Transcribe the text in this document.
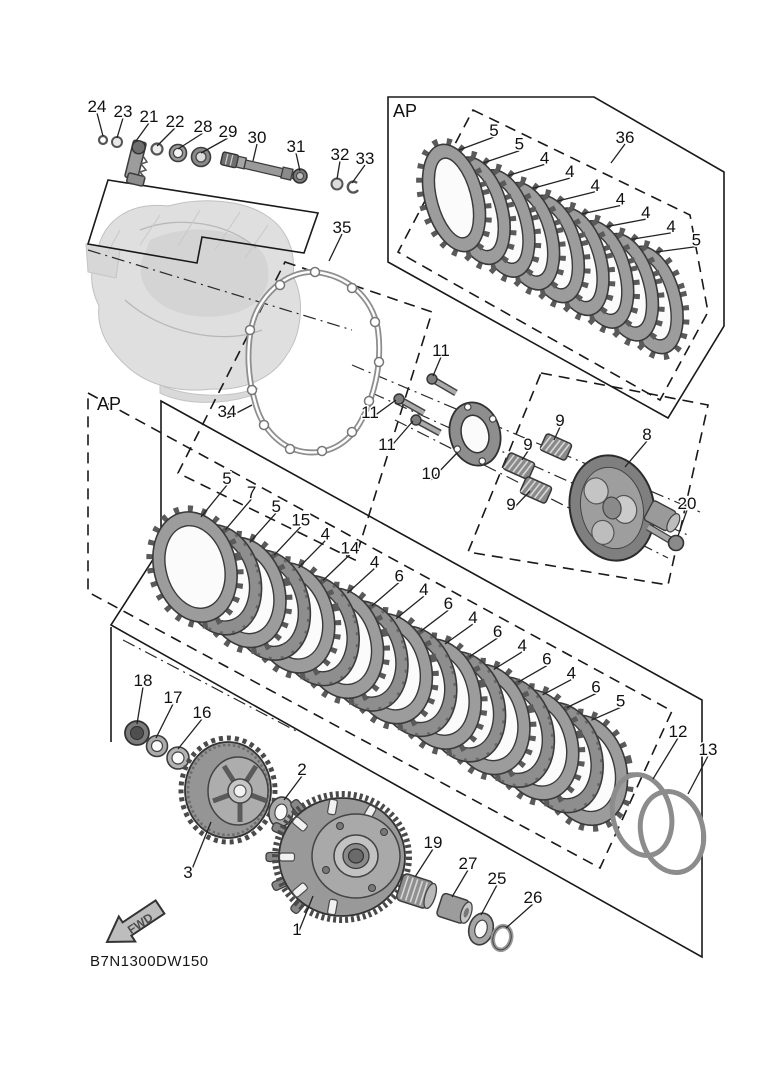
FWD
B7N1300DW150
5
5
4
4
4
4
4
4
5
5
7
5
15
4
14
4
6
4
6
4
6
4
6
4
6
5
24 23 21 22 28 29 30 31 32 33
35
34
36
11
11
11
10
9
9
9
8
20
18
17
16
3
2
1
19
27
25
26
12
13
AP
AP
